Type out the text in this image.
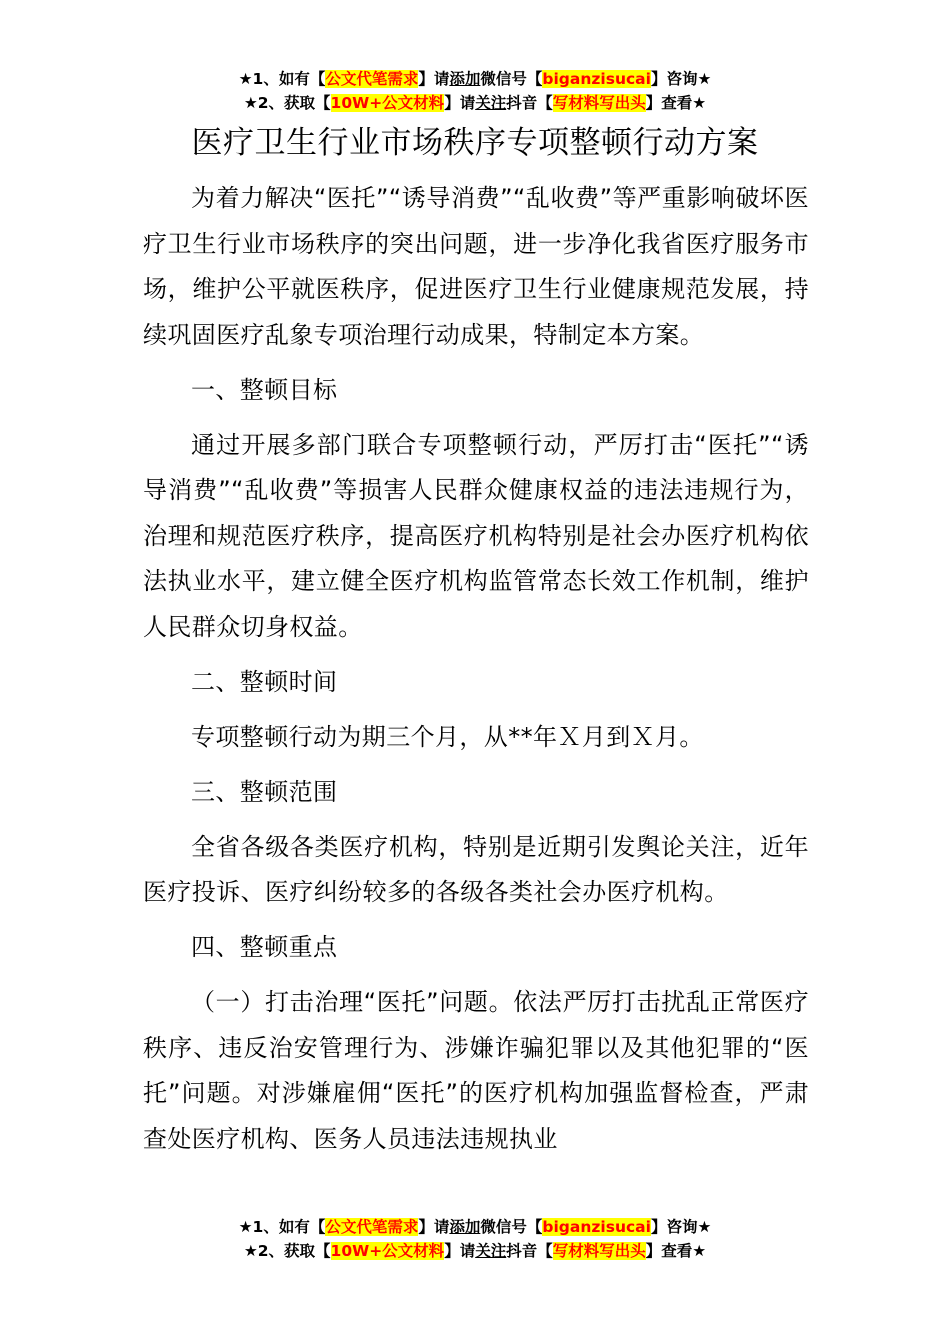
★1、如有【公文代笔需求】请添加微信号【biganzisucai】咨询★
★2、获取【10W+公文材料】请关注抖音【写材料写出头】查看★
医疗卫生行业市场秩序专项整顿行动方案

为着力解决“医托”“诱导消费”“乱收费”等严重影响破坏医疗卫生行业市场秩序的突出问题，进一步净化我省医疗服务市场，维护公平就医秩序，促进医疗卫生行业健康规范发展，持续巩固医疗乱象专项治理行动成果，特制定本方案。

一、整顿目标

通过开展多部门联合专项整顿行动，严厉打击“医托”“诱导消费”“乱收费”等损害人民群众健康权益的违法违规行为，治理和规范医疗秩序，提高医疗机构特别是社会办医疗机构依法执业水平，建立健全医疗机构监管常态长效工作机制，维护人民群众切身权益。

二、整顿时间

专项整顿行动为期三个月，从**年Ｘ月到Ｘ月。

三、整顿范围

全省各级各类医疗机构，特别是近期引发舆论关注，近年医疗投诉、医疗纠纷较多的各级各类社会办医疗机构。

四、整顿重点

（一）打击治理“医托”问题。依法严厉打击扰乱正常医疗秩序、违反治安管理行为、涉嫌诈骗犯罪以及其他犯罪的“医托”问题。对涉嫌雇佣“医托”的医疗机构加强监督检查，严肃查处医疗机构、医务人员违法违规执业

★1、如有【公文代笔需求】请添加微信号【biganzisucai】咨询★
★2、获取【10W+公文材料】请关注抖音【写材料写出头】查看★
